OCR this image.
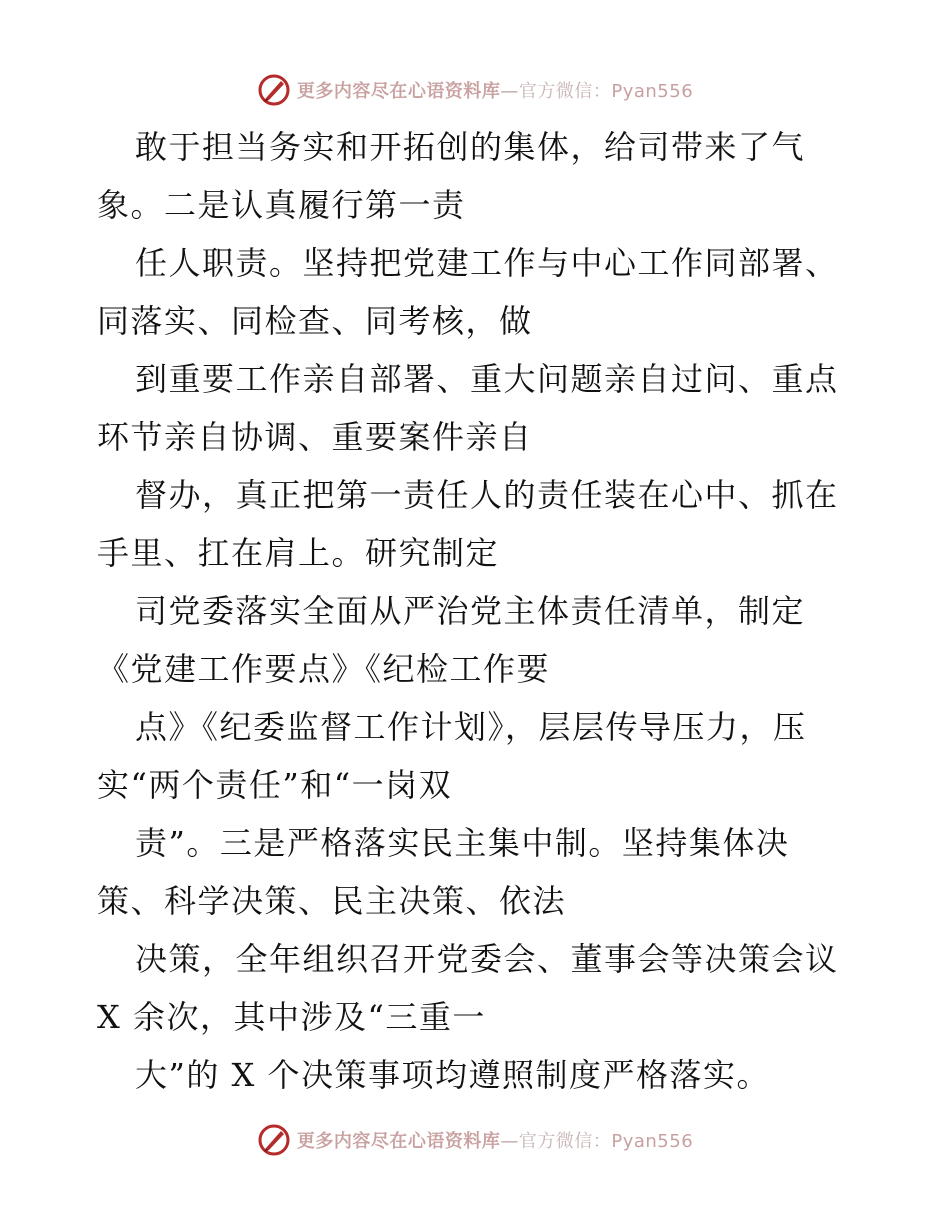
更多内容尽在心语资料库—官方微信：Pyan556

敢于担当务实和开拓创的集体，给司带来了气
象。二是认真履行第一责

任人职责。坚持把党建工作与中心工作同部署、
同落实、同检查、同考核，做

到重要工作亲自部署、重大问题亲自过问、重点
环节亲自协调、重要案件亲自

督办，真正把第一责任人的责任装在心中、抓在
手里、扛在肩上。研究制定

司党委落实全面从严治党主体责任清单，制定
《党建工作要点》《纪检工作要

点》《纪委监督工作计划》，层层传导压力，压
实“两个责任”和“一岗双

责”。三是严格落实民主集中制。坚持集体决
策、科学决策、民主决策、依法

决策，全年组织召开党委会、董事会等决策会议
X 余次，其中涉及“三重一

大”的 X 个决策事项均遵照制度严格落实。

更多内容尽在心语资料库—官方微信：Pyan556
